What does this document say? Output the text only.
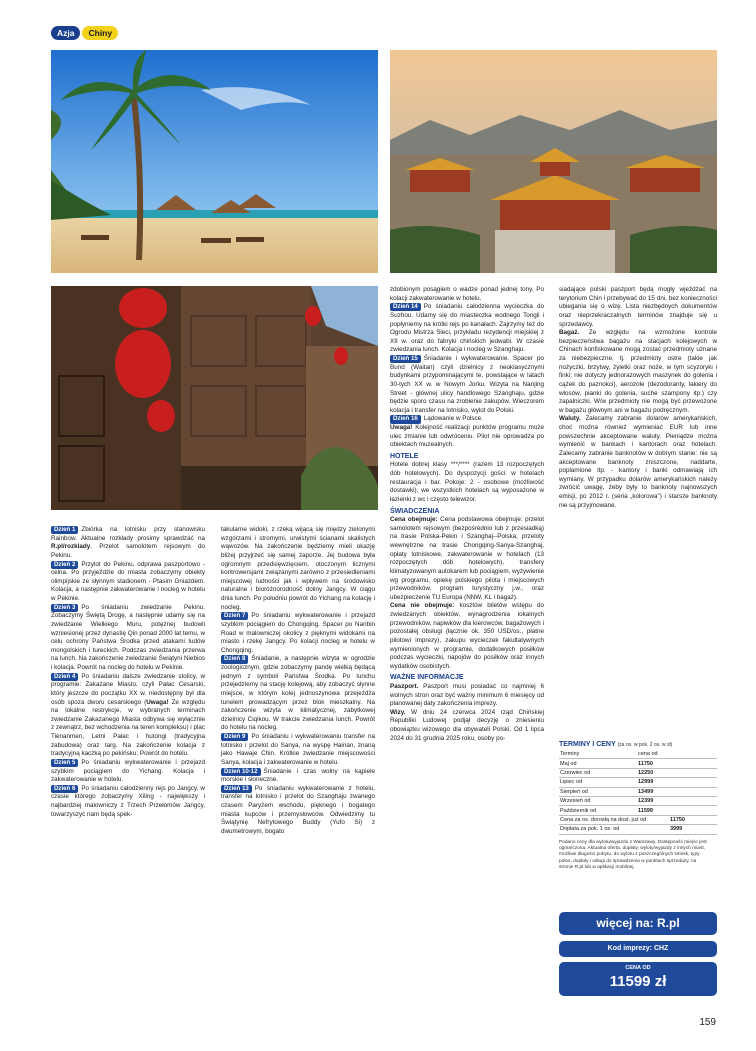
Azja	Chiny

Dzień 1 Zbiórka na lotnisku przy stanowisku Rainbow. Aktualne rozkłady prosimy sprawdzać na R.pl/rozklady. Przelot samolotem rejsowym do Pekinu.

Dzień 2 Przylot do Pekinu, odprawa paszportowo - celna. Po przyjeździe do miasta zobaczymy obiekty olimpijskie ze słynnym stadionem - Ptasim Gniazdem. Kolacja, a następnie zakwaterowanie i nocleg w hotelu w Pekinie.

Dzień 3 Po śniadaniu zwiedzanie Pekinu. Zobaczymy Świętą Drogę, a następnie udamy się na zwiedzanie Wielkiego Muru, potężnej budowli wzniesionej przez dynastię Qin ponad 2000 lat temu, w celu ochrony Państwa Środka przed atakami ludów mongolskich i tureckich. Podczas zwiedzania przerwa na lunch. Na zakończenie zwiedzanie Świątyni Niebios i kolacja. Powrót na nocleg do hotelu w Pekinie.

Dzień 4 Po śniadaniu dalsze zwiedzanie stolicy, w programie: Zakazane Miasto, czyli Pałac Cesarski, który jeszcze do początku XX w. niedostępny był dla osób spoza dworu cesarskiego (Uwaga! Ze względu na lokalne restrykcje, w wybranych terminach zwiedzanie Zakazanego Miasta odbywa się wyłącznie z zewnątrz, bez wchodzenia na teren kompleksu) i plac Tienanmen, Letni Pałac i hutongi (tradycyjna zabudowa) oraz targ. Na zakończenie kolacja z tradycyjną kaczką po pekińsku. Powrót do hotelu.

Dzień 5 Po śniadaniu wykwaterowanie i przejazd szybkim pociągiem do Yichang. Kolacja i zakwaterowanie w hotelu.

Dzień 6 Po śniadaniu całodzienny rejs po Jangcy, w czasie którego zobaczymy Xiling - największy i najbardziej malowniczy z Trzech Przełomów Jangcy, towarzyszyć nam będą spek-

takularne widoki, z rzeką wijącą się między zielonymi wzgórzami i stromymi, urwistymi ścianami skalistych wąwozów. Na zakończenie będziemy mieli okazję bliżej przyjrzeć się samej zaporze. Jej budowa była ogromnym przedsięwzięciem, otoczonym licznymi kontrowersjami związanymi zarówno z przesiedleniami miejscowej ludności jak i wpływem na środowisko naturalne i bioróżnorodność doliny Jangcy. W ciągu dnia lunch. Po południu powrót do Yichang na kolację i nocleg.

Dzień 7 Po śniadaniu wykwaterowanie i przejazd szybkim pociągiem do Chongqing. Spacer po Nanbin Road w malowniczej okolicy z pięknymi widokami na miasto i rzekę Jangcy. Po kolacji nocleg w hotelu w Chongqing.

Dzień 8 Śniadanie, a następnie wizyta w ogrodzie zoologicznym, gdzie zobaczymy pandę wielką będącą jednym z symboli Państwa Środka. Po lunchu przejedziemy na stację kolejową, aby zobaczyć słynne miejsce, w którym kolej jednoszynowa przejeżdża tunelem prowadzącym przez blok mieszkalny. Na zakończenie wizyta w klimatycznej, zabytkowej dzielnicy Ciqikou. W trakcie zwiedzania lunch. Powrót do hotelu na nocleg.

Dzień 9 Po śniadaniu i wykwaterowaniu transfer na lotnisko i przelot do Sanya, na wyspę Hainan, znaną jako Hawaje Chin. Krótkie zwiedzanie miejscowości Sanya, kolacja i zakwaterowanie w hotelu.

Dzień 10-12 Śniadanie i czas wolny na kąpiele morskie i słoneczne.

Dzień 13 Po śniadaniu wykwaterowanie z hotelu, transfer na lotnisko i przelot do Szanghaju zwanego czasem Paryżem wschodu, pięknego i bogatego miasta kupców i przemysłowców. Odwiedzimy tu Świątynię Nefrytowego Buddy (Yufo Si) z dwumetrowym, bogato

zdobionym posągiem o wadze ponad jednej tony. Po kolacji zakwaterowanie w hotelu.

Dzień 14 Po śniadaniu całodzienna wycieczka do Suzhou. Udamy się do miasteczka wodnego Tongli i popłyniemy na krótki rejs po kanałach. Zajrzymy też do Ogrodu Mistrza Sieci, przykładu rezydencji miejskiej z XII w. oraz do fabryki chińskich jedwabi. W czasie zwiedzania lunch. Kolacja i nocleg w Szanghaju.

Dzień 15 Śniadanie i wykwaterowanie. Spacer po Bund (Waitan) czyli dzielnicy z neoklasycznymi budynkami przypominającymi te, powstające w latach 30-tych XX w. w Nowym Jorku. Wizyta na Nanjing Street - głównej ulicy handlowego Szanghaju, gdzie będzie sporo czasu na zrobienie zakupów. Wieczorem kolacja i transfer na lotnisko, wylot do Polski.

Dzień 16 Lądowanie w Polsce.

Uwaga! Kolejność realizacji punktów programu może ulec zmianie lub odwróceniu. Pilot nie oprowadza po obiektach muzealnych.

HOTELE

Hotele dobrej klasy ***/**** (razem 13 rozpoczętych dób hotelowych). Do dyspozycji gości: w hotelach restauracja i bar. Pokoje: 2 - osobowe (możliwość dostawki), we wszystkich hotelach są wyposażone w łazienki z wc i często telewizor.

ŚWIADCZENIA

Cena obejmuje: Cena podstawowa obejmuje: przelot samolotem rejsowym (bezpośrednio lub z przesiadką) na trasie Polska-Pekin i Szanghaj--Polska, przeloty wewnętrzne na trasie Chongqing-Sanya-Szanghaj, opłaty lotniskowe, zakwaterowanie w hotelach (13 rozpoczętych dób hotelowych), transfery klimatyzowanym autokarem lub pociągiem, wyżywienie wg programu, opiekę polskiego pilota i miejscowych przewodników, program turystyczny j.w., oraz ubezpieczenie TU Europa (NNW, KL i bagaż).

Cena nie obejmuje: kosztów biletów wstępu do zwiedzanych obiektów, wynagrodzenia lokalnych przewodników, napiwków dla kierowców, bagażowych i pozostałej obsługi (łącznie ok. 350 USD/os., płatne pilotowi imprezy), zakupu wycieczek fakultatywnych wymienionych w programie, dodatkowych posiłków podczas wycieczki, napojów do posiłków oraz innych wydatków osobistych.

WAŻNE INFORMACJE

Paszport. Paszport musi posiadać co najmniej 6 wolnych stron oraz być ważny minimum 6 miesięcy od planowanej daty zakończenia imprezy.

Wizy. W dniu 24 czerwca 2024 rząd Chińskiej Republiki Ludowej podjął decyzję o zniesieniu obowiązku wizowego dla obywateli Polski. Od 1 lipca 2024 do 31 grudnia 2025 roku, osoby po-

siadające polski paszport będą mogły wjeżdżać na terytorium Chin i przebywać do 15 dni, bez konieczności ubiegania się o wizę. Lista niezbędnych dokumentów oraz nieprzekraczalnych terminów znajduje się u sprzedawcy.

Bagaż. Ze względu na wzmożone kontrole bezpieczeństwa bagażu na stacjach kolejowych w Chinach konfiskowane mogą zostać przedmioty uznane za niebezpieczne, tj. przedmioty ostre (takie jak nożyczki, brzytwy, żyletki oraz noże, w tym scyzoryki i finki; nie dotyczy jednorazowych maszynek do golenia i cążek do paznokci), aerozole (dezodoranty, lakiery do włosów, pianki do golenia, suche szampony itp.) czy zapalniczki. W/w przedmioty nie mogą być przewożone w bagażu głównym ani w bagażu podręcznym.

Waluty. Zalecamy zabranie dolarów amerykańskich, choć można również wymieniać EUR lub inne powszechnie akceptowane waluty. Pieniądze można wymienić w bankach i kantorach oraz hotelach. Zalecamy zabranie banknotów w dobrym stanie: nie są akceptowane banknoty zniszczone, naddarte, poplamione itp. - kantory i banki odmawiają ich wymiany. W przypadku dolarów amerykańskich należy zwrócić uwagę, żeby były to banknoty najnowszych emisji, po 2012 r. (seria „kolorowa") i starsze banknoty nie są przyjmowane.

TERMINY I CENY (za os. w pok. 2 os. w zł)
Terminy	cena od
Maj od	11750
Czerwiec od	12250
Lipiec od	12999
Sierpień od	13499
Wrzesień od	12399
Październik od	11599
Cena za os. dorosłą na dost. już od	11750
Dopłata za pok. 1 os. od	3999

Podano ceny dla wylotu/wyjazdu z Warszawy. Dostępność miejsc jest ograniczona. Aktualna oferta, dopłaty, wyloty/wyjazdy z innych miast, możliwe długości pobytu, do wylotu z poszczególnych lotnisk, typy pokoi, dopłaty i usługi do sprawdzenia w punktach sprzedaży, na stronie R.pl lub w aplikacji mobilnej.

więcej na: R.pl
Kod imprezy: CHZ
CENA OD
11599 zł
159
